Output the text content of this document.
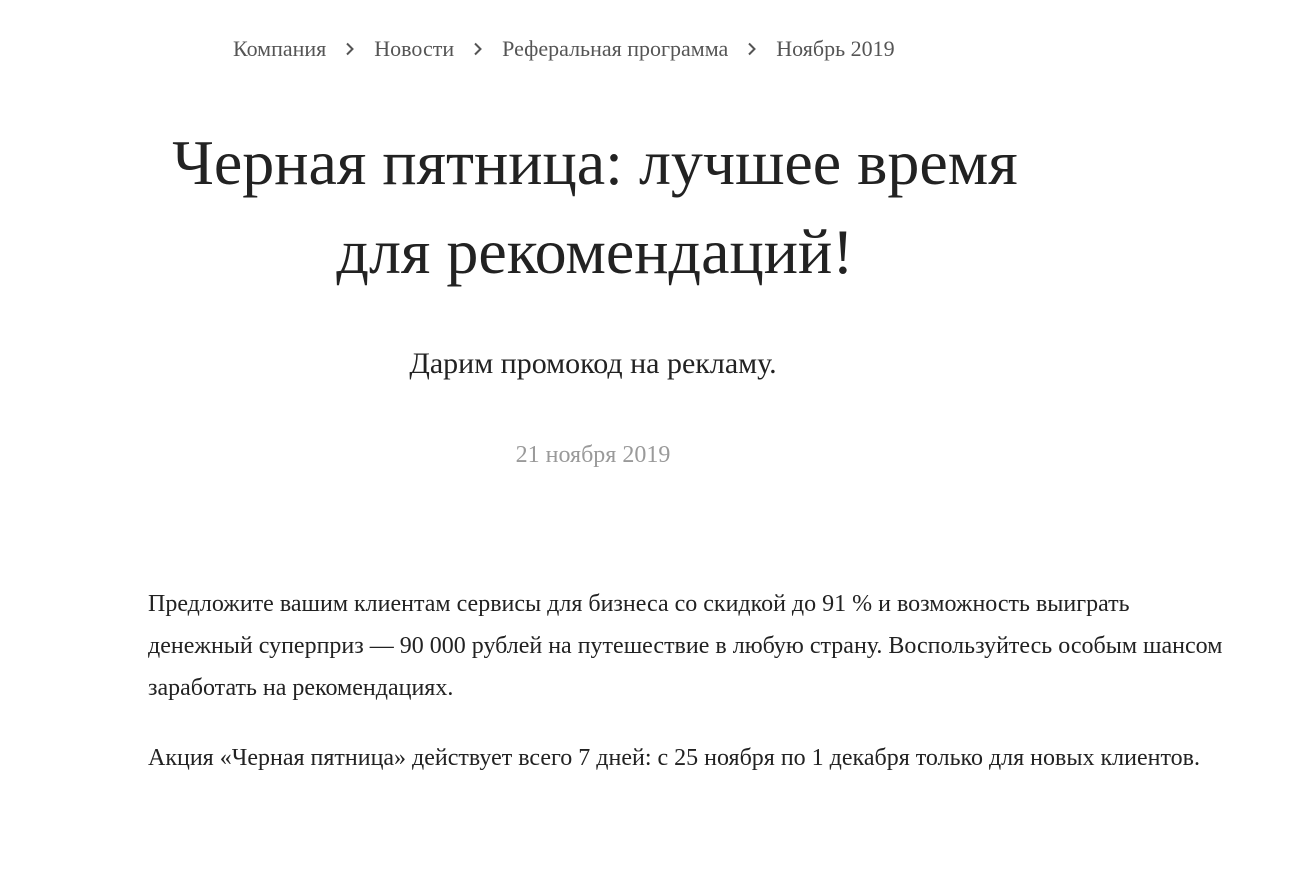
Компания Новости Реферальная программа Ноябрь 2019
Черная пятница: лучшее время
для рекомендаций!

Дарим промокод на рекламу.

21 ноября 2019

Предложите вашим клиентам сервисы для бизнеса со скидкой до 91 % и возможность выиграть денежный суперприз — 90 000 рублей на путешествие в любую страну. Воспользуйтесь особым шансом заработать на рекомендациях.

Акция «Черная пятница» действует всего 7 дней: с 25 ноября по 1 декабря только для новых клиентов.
